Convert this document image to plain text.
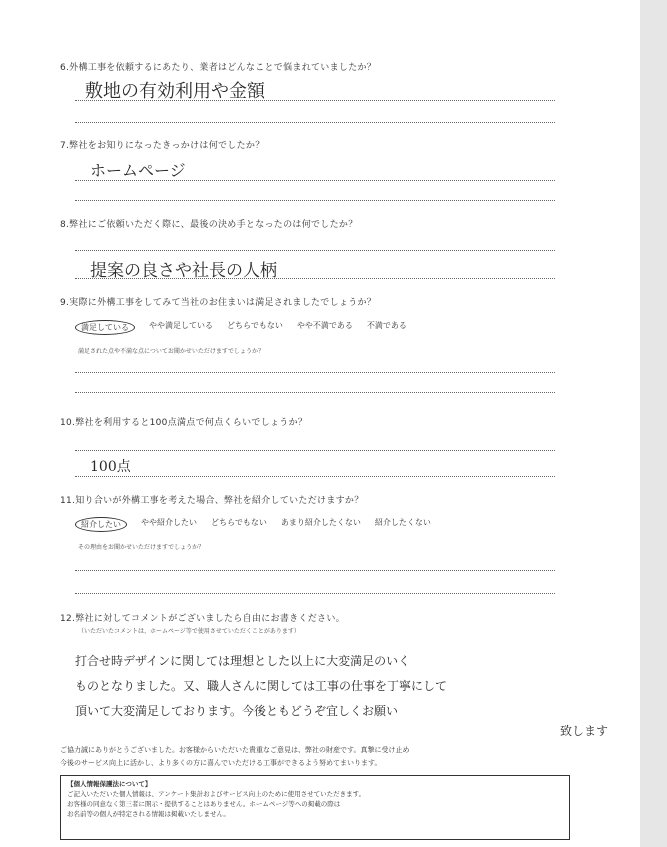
6.外構工事を依頼するにあたり、業者はどんなことで悩まれていましたか？
敷地の有効利用や金額
7.弊社をお知りになったきっかけは何でしたか？
ホームページ
8.弊社にご依頼いただく際に、最後の決め手となったのは何でしたか？
提案の良さや社長の人柄
9.実際に外構工事をしてみて当社のお住まいは満足されましたでしょうか？
満足している	やや満足している どちらでもない やや不満である 不満である
満足された点や不満な点についてお聞かせいただけますでしょうか？
10.弊社を利用すると100点満点で何点くらいでしょうか？
100点
11.知り合いが外構工事を考えた場合、弊社を紹介していただけますか？
紹介したい	やや紹介したい どちらでもない あまり紹介したくない 紹介したくない
その理由をお聞かせいただけますでしょうか？
12.弊社に対してコメントがございましたら自由にお書きください。
（いただいたコメントは、ホームページ等で使用させていただくことがあります）
打合せ時デザインに関しては理想とした以上に大変満足のいく
ものとなりました。又、職人さんに関しては工事の仕事を丁寧にして
頂いて大変満足しております。今後ともどうぞ宜しくお願い
致します
ご協力誠にありがとうございました。お客様からいただいた貴重なご意見は、弊社の財産です。真摯に受け止め
今後のサービス向上に活かし、より多くの方に喜んでいただける工事ができるよう努めてまいります。
【個人情報保護法について】
ご記入いただいた個人情報は、アンケート集計およびサービス向上のために使用させていただきます。
お客様の同意なく第三者に開示・提供することはありません。ホームページ等への掲載の際は
お名前等の個人が特定される情報は掲載いたしません。
